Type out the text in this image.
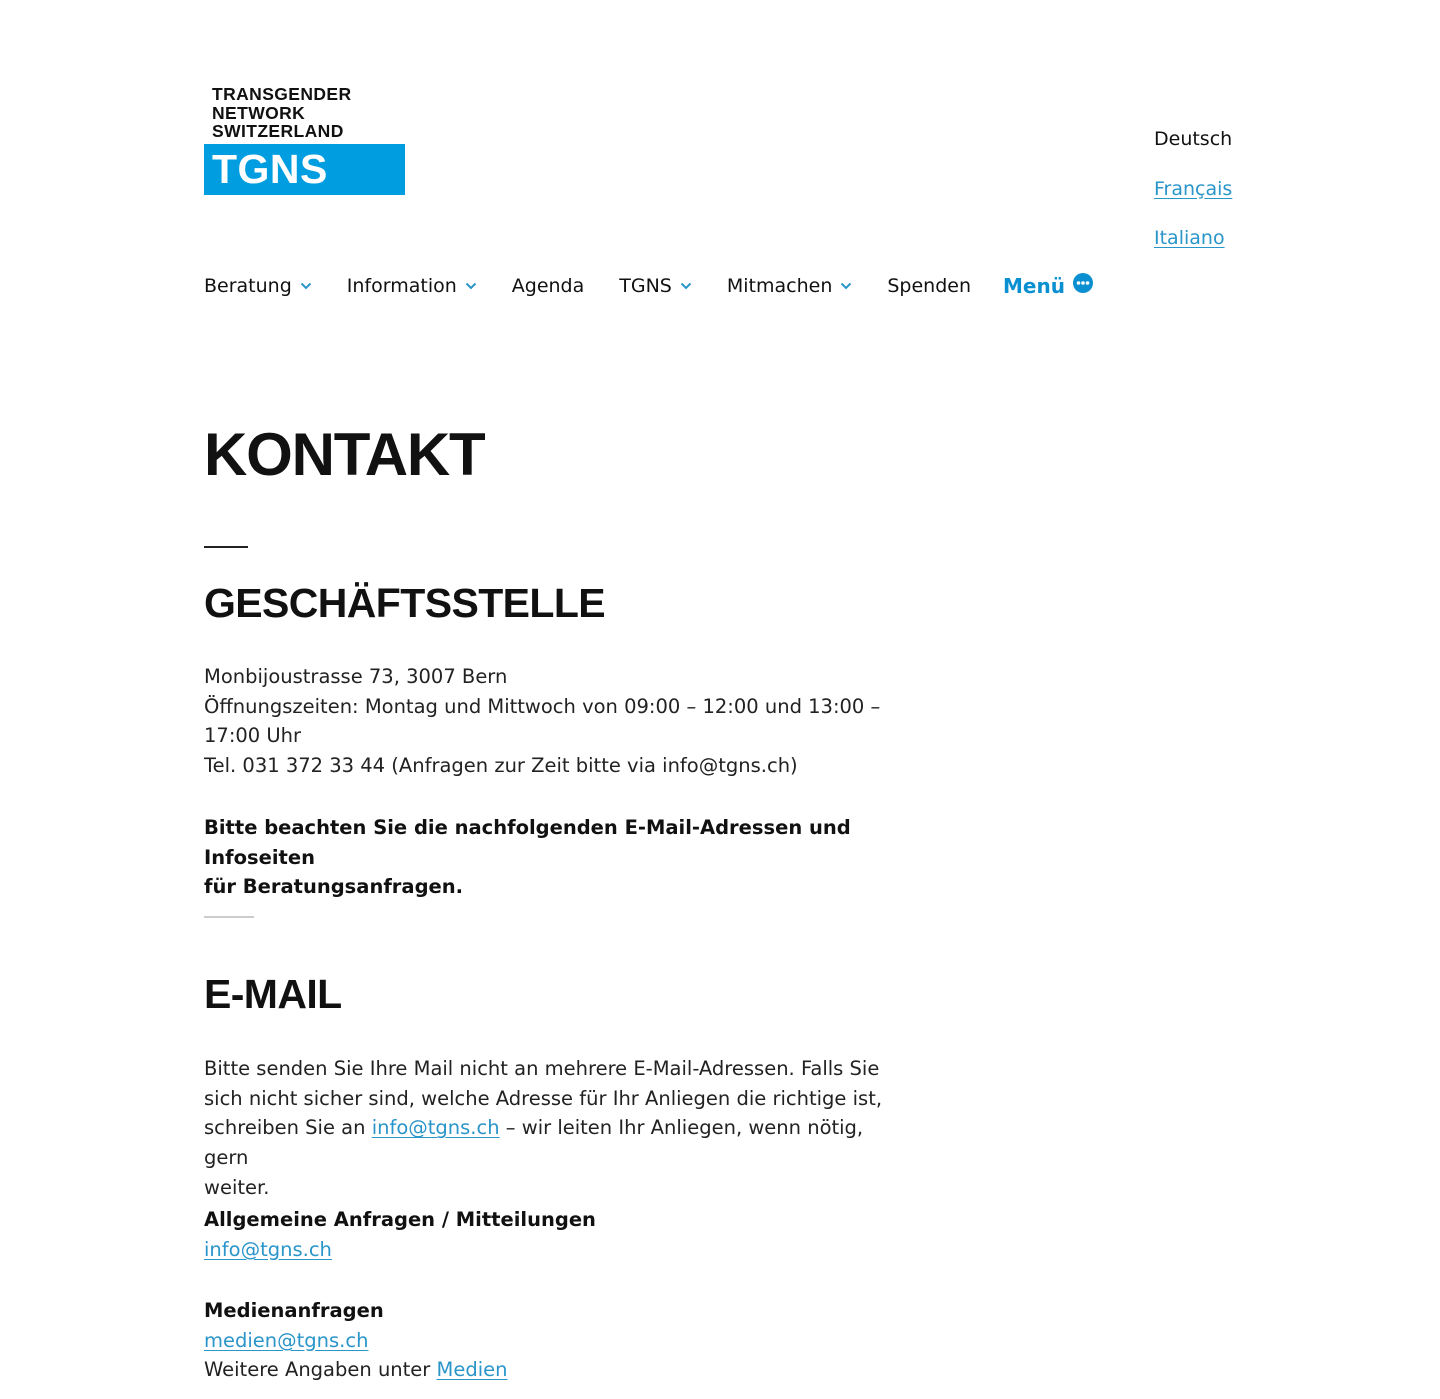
TRANSGENDER
NETWORK
SWITZERLAND
TGNS
Deutsch
Français
Italiano
Beratung	Information	Agenda TGNS	Mitmachen	Spenden Menü
KONTAKT
GESCHÄFTSSTELLE
Monbijoustrasse 73, 3007 Bern
Öffnungszeiten: Montag und Mittwoch von 09:00 – 12:00 und 13:00 –
17:00 Uhr
Tel. 031 372 33 44 (Anfragen zur Zeit bitte via info@tgns.ch)
Bitte beachten Sie die nachfolgenden E-Mail-Adressen und Infoseiten
für Beratungsanfragen.
E-MAIL
Bitte senden Sie Ihre Mail nicht an mehrere E-Mail-Adressen. Falls Sie
sich nicht sicher sind, welche Adresse für Ihr Anliegen die richtige ist,
schreiben Sie an info@tgns.ch – wir leiten Ihr Anliegen, wenn nötig, gern
weiter.
Allgemeine Anfragen / Mitteilungen
info@tgns.ch
Medienanfragen
medien@tgns.ch
Weitere Angaben unter Medien
